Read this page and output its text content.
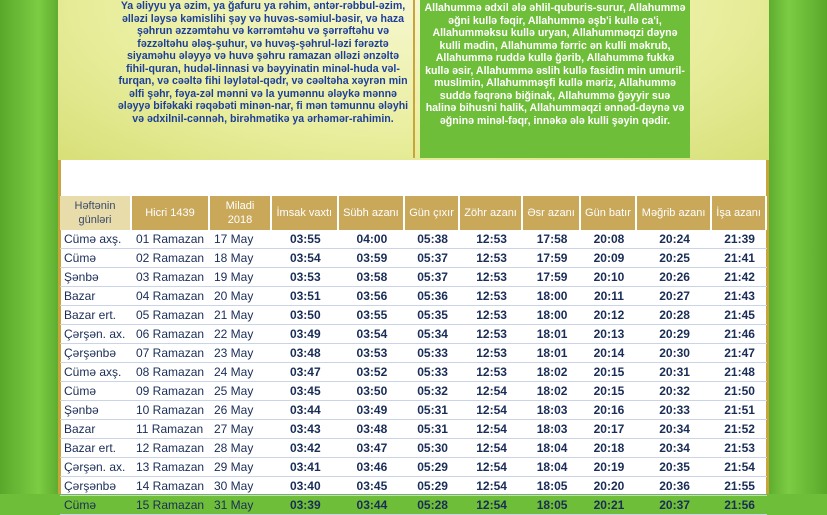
Ya əliyyu ya əzim, ya ğafuru ya rəhim, əntər-rəbbul-əzim, əlləzi ləysə kəmislihi şəy və huvəs-səmiul-bəsir, və haza şəhrun əzzəmtəhu və kərrəmtəhu və şərrəftəhu və fəzzəltəhu ələş-şuhur, və huvəş-şəhrul-ləzi fərəztə siyaməhu ələyyə və huvə şəhru ramazan əlləzi ənzəltə fihil-quran, hudəl-linnasi və bəyyinatin minəl-huda vəl-furqan, və cəəltə fihi ləylətəl-qədr, və cəəltəha xəyrən min əlfi şəhr, fəya-zəl mənni və la yumənnu ələykə mənnə ələyyə bifəkaki rəqəbəti minən-nar, fi mən təmunnu ələyhi və ədxilnil-cənnəh, birəhmətikə ya ərhəmər-rahimin.
Allahummə ədxil ələ əhlil-quburis-surur, Allahummə əğni kullə fəqir, Allahummə əşb'i kullə ca'i, Allahumməksu kullə uryan, Allahumməqzi dəynə kulli mədin, Allahummə fərric ən kulli məkrub, Allahummə ruddə kullə ğərib, Allahummə fukkə kullə əsir, Allahummə əslih kullə fasidin min umuril-muslimin, Allahumməşfi kullə məriz, Allahummə suddə fəqrənə biğinak, Allahummə ğəyyir suə halinə bihusni halik, Allahumməqzi ənnəd-dəynə və əğninə minəl-fəqr, innəkə ələ kulli şəyin qədir.
Allahummə ləkə sumtu və bikə aməntu və ələykə təvəkkəltu və ələ rizqikə əftərtu və saumə-ğədi min şəhri Ramazanə nəvəytu, fəğfirli ma qəddəmtu və ma əxxərtu.
Həftənin günləri	Hicri 1439	Miladi 2018	İmsak vaxtı	Sübh azanı	Gün çıxır	Zöhr azanı	Əsr azanı	Gün batır	Məğrib azanı	İşa azanı
Cümə axş.	01 Ramazan	17 May	03:55	04:00	05:38	12:53	17:58	20:08	20:24	21:39
Cümə	02 Ramazan	18 May	03:54	03:59	05:37	12:53	17:59	20:09	20:25	21:41
Şənbə	03 Ramazan	19 May	03:53	03:58	05:37	12:53	17:59	20:10	20:26	21:42
Bazar	04 Ramazan	20 May	03:51	03:56	05:36	12:53	18:00	20:11	20:27	21:43
Bazar ert.	05 Ramazan	21 May	03:50	03:55	05:35	12:53	18:00	20:12	20:28	21:45
Çərşən. ax.	06 Ramazan	22 May	03:49	03:54	05:34	12:53	18:01	20:13	20:29	21:46
Çərşənbə	07 Ramazan	23 May	03:48	03:53	05:33	12:53	18:01	20:14	20:30	21:47
Cümə axş.	08 Ramazan	24 May	03:47	03:52	05:33	12:53	18:02	20:15	20:31	21:48
Cümə	09 Ramazan	25 May	03:45	03:50	05:32	12:54	18:02	20:15	20:32	21:50
Şənbə	10 Ramazan	26 May	03:44	03:49	05:31	12:54	18:03	20:16	20:33	21:51
Bazar	11 Ramazan	27 May	03:43	03:48	05:31	12:54	18:03	20:17	20:34	21:52
Bazar ert.	12 Ramazan	28 May	03:42	03:47	05:30	12:54	18:04	20:18	20:34	21:53
Çərşən. ax.	13 Ramazan	29 May	03:41	03:46	05:29	12:54	18:04	20:19	20:35	21:54
Çərşənbə	14 Ramazan	30 May	03:40	03:45	05:29	12:54	18:05	20:20	20:36	21:55
Cümə	15 Ramazan	31 May	03:39	03:44	05:28	12:54	18:05	20:21	20:37	21:56
